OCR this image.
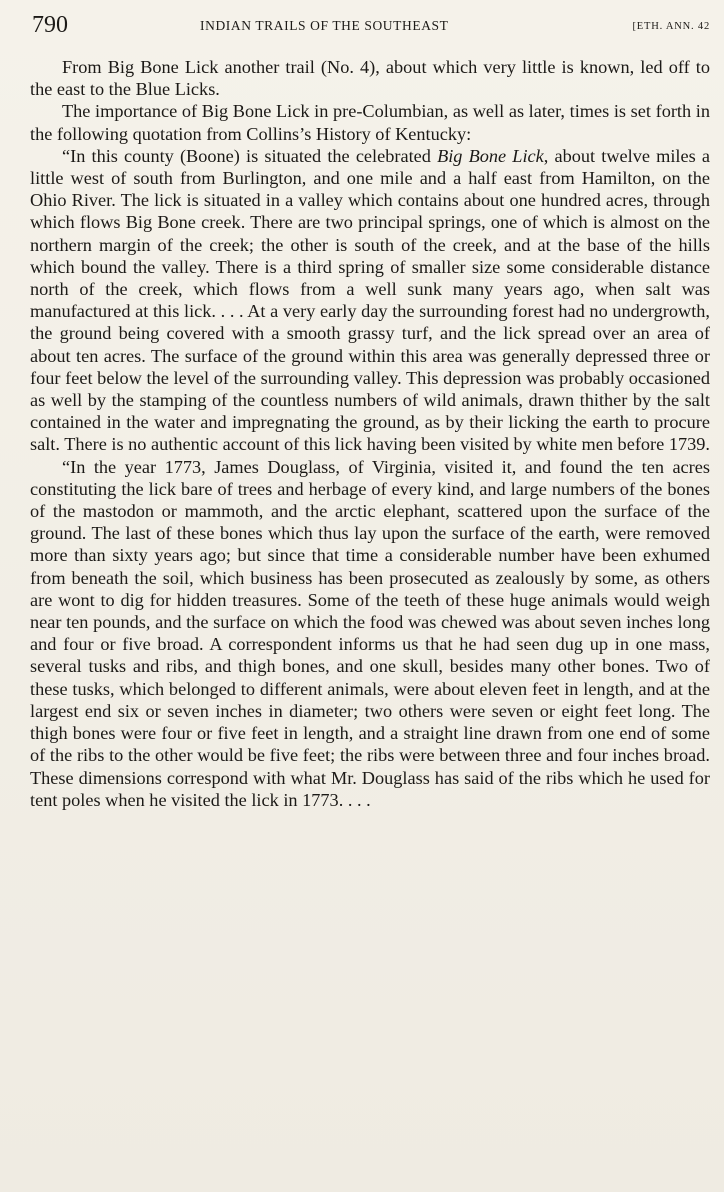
790	INDIAN TRAILS OF THE SOUTHEAST	[ETH. ANN. 42

From Big Bone Lick another trail (No. 4), about which very little is known, led off to the east to the Blue Licks.

The importance of Big Bone Lick in pre-Columbian, as well as later, times is set forth in the following quotation from Collins’s History of Kentucky:

“In this county (Boone) is situated the celebrated Big Bone Lick, about twelve miles a little west of south from Burlington, and one mile and a half east from Hamilton, on the Ohio River. The lick is situated in a valley which contains about one hundred acres, through which flows Big Bone creek. There are two principal springs, one of which is almost on the northern margin of the creek; the other is south of the creek, and at the base of the hills which bound the valley. There is a third spring of smaller size some considerable distance north of the creek, which flows from a well sunk many years ago, when salt was manufactured at this lick. . . . At a very early day the surrounding forest had no undergrowth, the ground being covered with a smooth grassy turf, and the lick spread over an area of about ten acres. The surface of the ground within this area was generally depressed three or four feet below the level of the surrounding valley. This depression was probably occasioned as well by the stamping of the countless numbers of wild animals, drawn thither by the salt contained in the water and impregnating the ground, as by their licking the earth to procure salt. There is no authentic account of this lick having been visited by white men before 1739.

“In the year 1773, James Douglass, of Virginia, visited it, and found the ten acres constituting the lick bare of trees and herbage of every kind, and large numbers of the bones of the mastodon or mammoth, and the arctic elephant, scattered upon the surface of the ground. The last of these bones which thus lay upon the surface of the earth, were removed more than sixty years ago; but since that time a considerable number have been exhumed from beneath the soil, which business has been prosecuted as zealously by some, as others are wont to dig for hidden treasures. Some of the teeth of these huge animals would weigh near ten pounds, and the surface on which the food was chewed was about seven inches long and four or five broad. A correspondent informs us that he had seen dug up in one mass, several tusks and ribs, and thigh bones, and one skull, besides many other bones. Two of these tusks, which belonged to different animals, were about eleven feet in length, and at the largest end six or seven inches in diameter; two others were seven or eight feet long. The thigh bones were four or five feet in length, and a straight line drawn from one end of some of the ribs to the other would be five feet; the ribs were between three and four inches broad. These dimensions correspond with what Mr. Douglass has said of the ribs which he used for tent poles when he visited the lick in 1773. . . .
